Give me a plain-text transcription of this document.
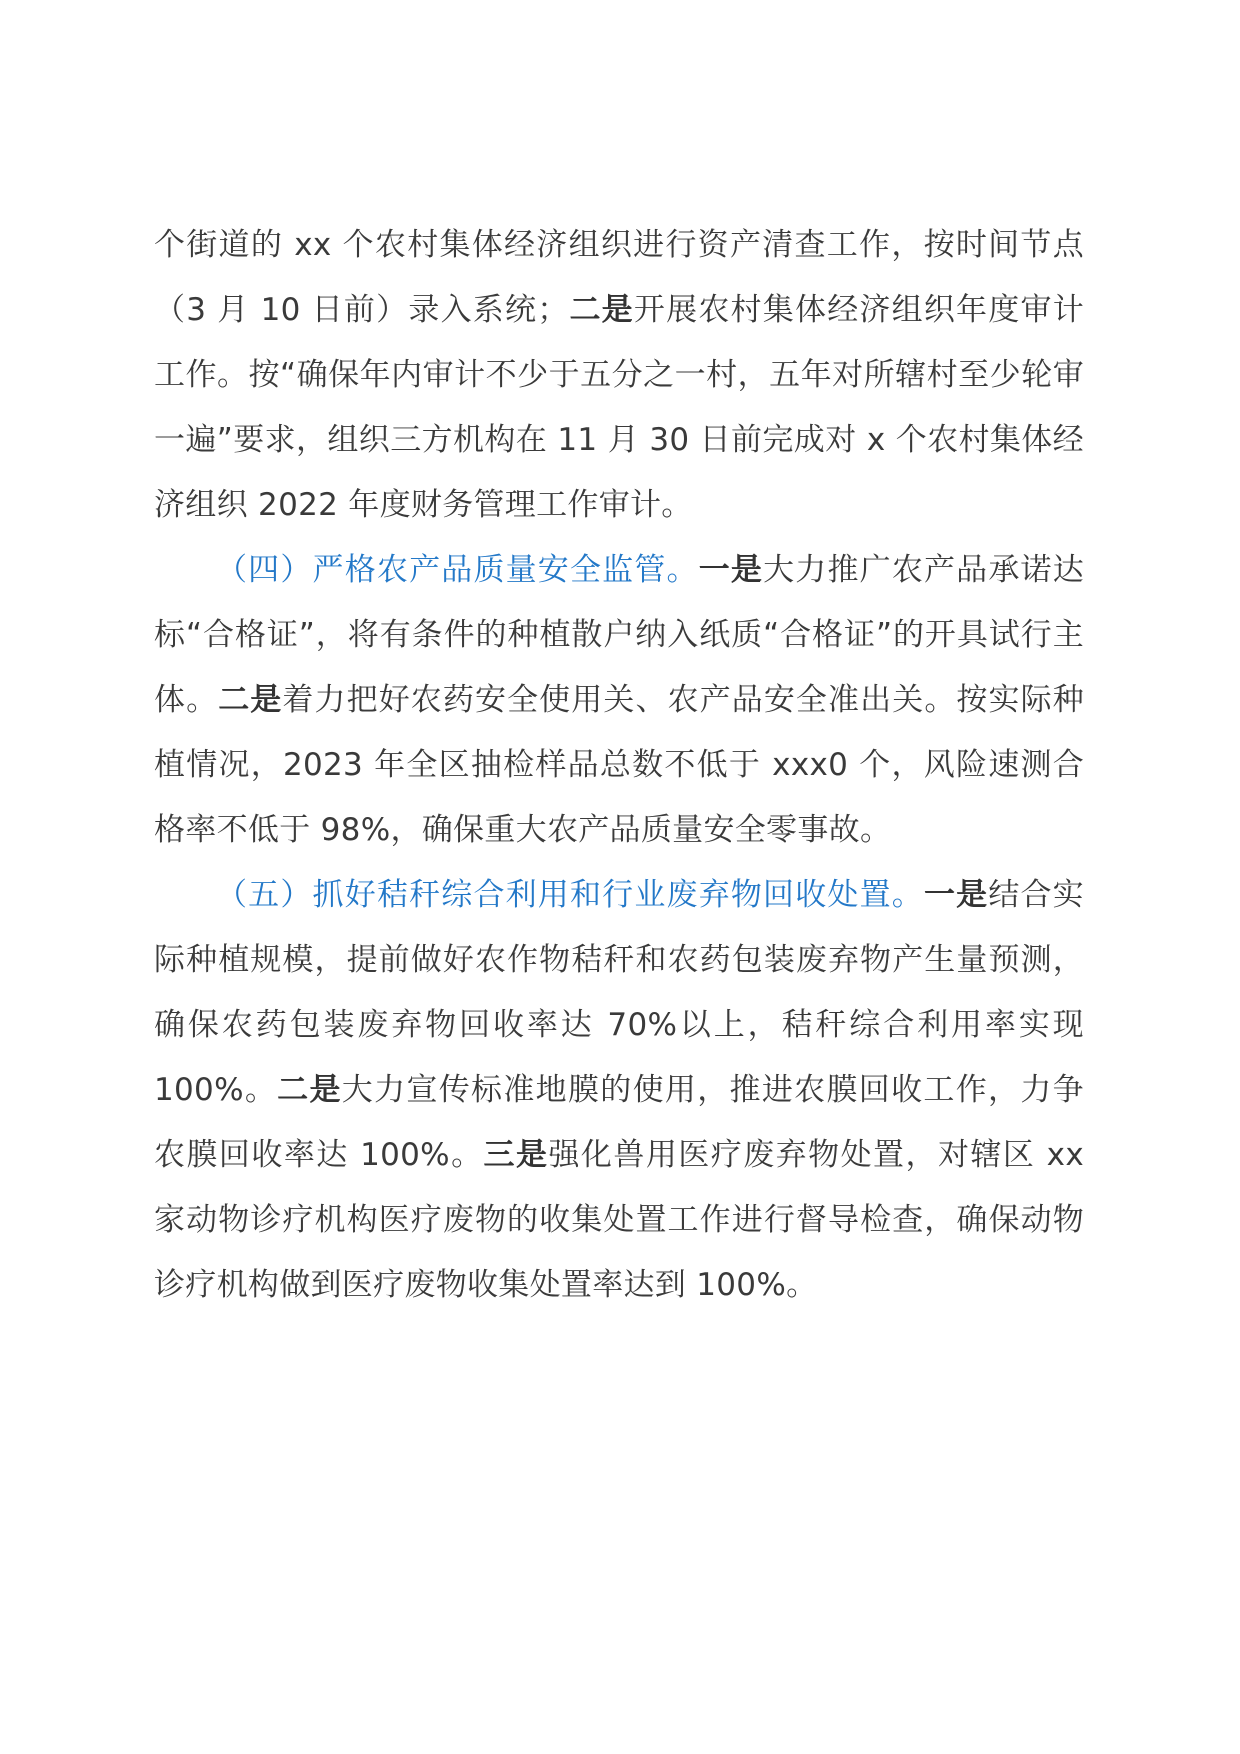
个街道的 xx 个农村集体经济组织进行资产清查工作，按时间节点（3 月 10 日前）录入系统；二是开展农村集体经济组织年度审计工作。按“确保年内审计不少于五分之一村，五年对所辖村至少轮审一遍”要求，组织三方机构在 11 月 30 日前完成对 x 个农村集体经济组织 2022 年度财务管理工作审计。

（四）严格农产品质量安全监管。一是大力推广农产品承诺达标“合格证”，将有条件的种植散户纳入纸质“合格证”的开具试行主体。二是着力把好农药安全使用关、农产品安全准出关。按实际种植情况，2023 年全区抽检样品总数不低于 xxx0 个，风险速测合格率不低于 98%，确保重大农产品质量安全零事故。

（五）抓好秸秆综合利用和行业废弃物回收处置。一是结合实际种植规模，提前做好农作物秸秆和农药包装废弃物产生量预测，确保农药包装废弃物回收率达 70%以上，秸秆综合利用率实现 100%。二是大力宣传标准地膜的使用，推进农膜回收工作，力争农膜回收率达 100%。三是强化兽用医疗废弃物处置，对辖区 xx 家动物诊疗机构医疗废物的收集处置工作进行督导检查，确保动物诊疗机构做到医疗废物收集处置率达到 100%。
